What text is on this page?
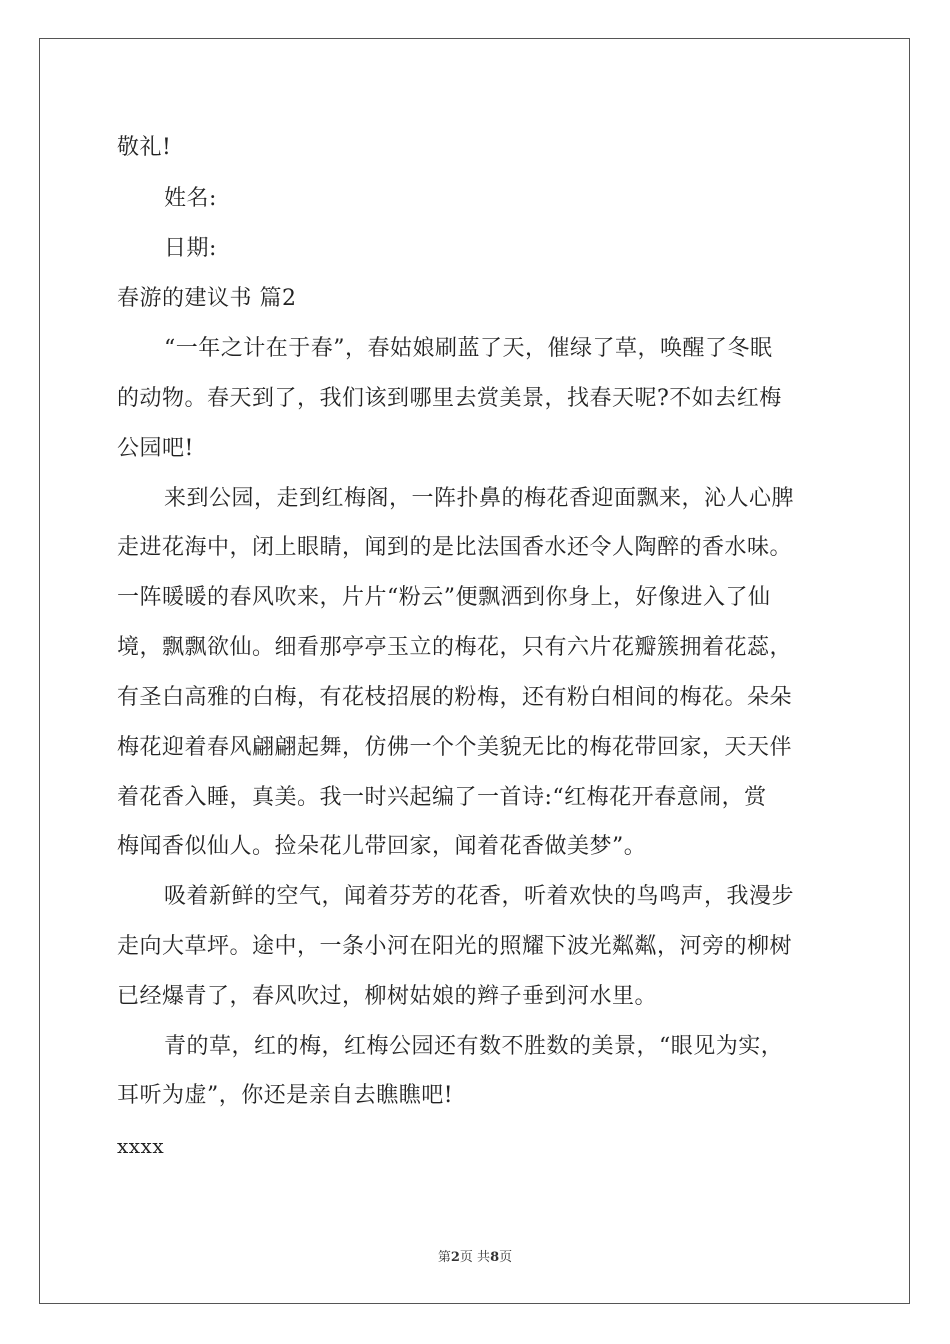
敬礼!
姓名:
日期:
春游的建议书 篇2
“一年之计在于春”，春姑娘刷蓝了天，催绿了草，唤醒了冬眠
的动物。春天到了，我们该到哪里去赏美景，找春天呢?不如去红梅
公园吧!
来到公园，走到红梅阁，一阵扑鼻的梅花香迎面飘来，沁人心脾
走进花海中，闭上眼睛，闻到的是比法国香水还令人陶醉的香水味。
一阵暖暖的春风吹来，片片“粉云”便飘洒到你身上，好像进入了仙
境，飘飘欲仙。细看那亭亭玉立的梅花，只有六片花瓣簇拥着花蕊，
有圣白高雅的白梅，有花枝招展的粉梅，还有粉白相间的梅花。朵朵
梅花迎着春风翩翩起舞，仿佛一个个美貌无比的梅花带回家，天天伴
着花香入睡，真美。我一时兴起编了一首诗:“红梅花开春意闹，赏
梅闻香似仙人。捡朵花儿带回家，闻着花香做美梦”。
吸着新鲜的空气，闻着芬芳的花香，听着欢快的鸟鸣声，我漫步
走向大草坪。途中，一条小河在阳光的照耀下波光粼粼，河旁的柳树
已经爆青了，春风吹过，柳树姑娘的辫子垂到河水里。
青的草，红的梅，红梅公园还有数不胜数的美景，“眼见为实，
耳听为虚”，你还是亲自去瞧瞧吧!
xxxx
第2页 共8页
